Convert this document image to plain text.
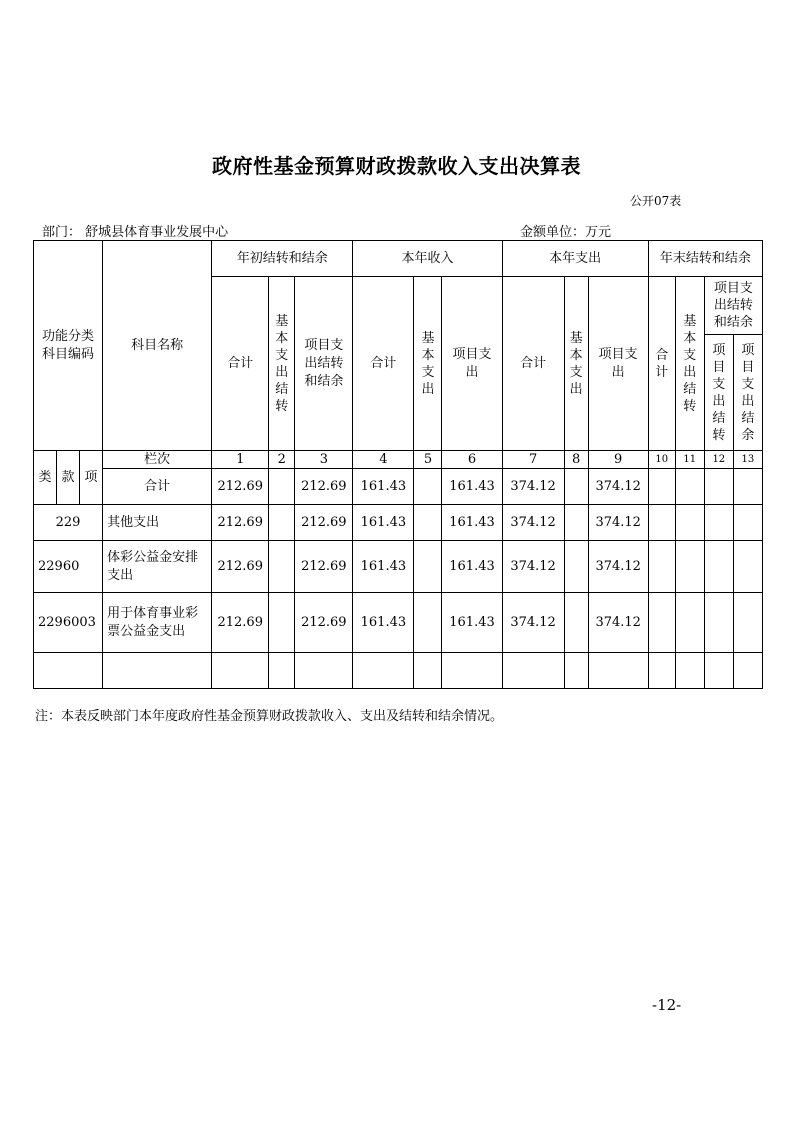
政府性基金预算财政拨款收入支出决算表
公开07表
部门： 舒城县体育事业发展中心	金额单位：万元
功能分类科目编码			科目名称	年初结转和结余			本年收入			本年支出			年末结转和结余			

				合计	基本支出结转	项目支出结转和结余	合计	基本支出	项目支出	合计	基本支出	项目支出	合计	基本支出结转	项目支出结转和结余	

															项目支出结转	项目支出结余
类	款	项	栏次	1	2	3	4	5	6	7	8	9	10	11	12	13
			合计	212.69		212.69	161.43		161.43	374.12		374.12				
229			其他支出	212.69		212.69	161.43		161.43	374.12		374.12				
22960			体彩公益金安排支出	212.69		212.69	161.43		161.43	374.12		374.12				
2296003			用于体育事业彩票公益金支出	212.69		212.69	161.43		161.43	374.12		374.12				

注：本表反映部门本年度政府性基金预算财政拨款收入、支出及结转和结余情况。
-12-
